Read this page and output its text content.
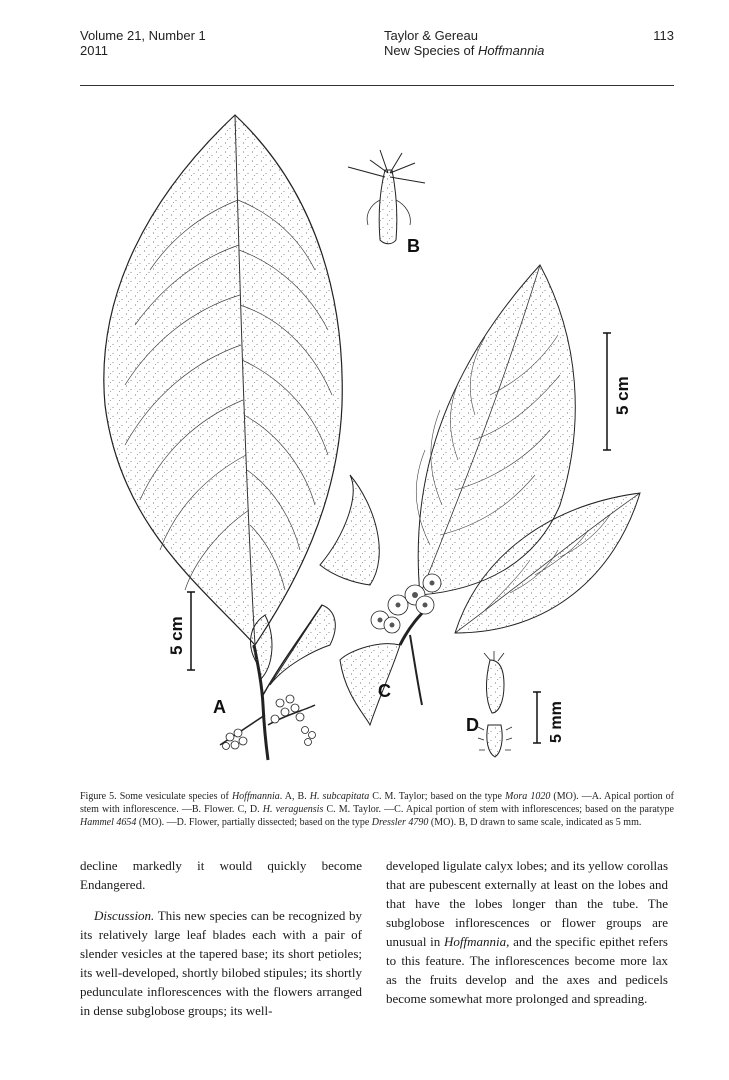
Volume 21, Number 1
2011
Taylor & Gereau
New Species of Hoffmannia
113
5 cm
5 cm
5 mm
A
B
C
D
Figure 5. Some vesiculate species of Hoffmannia. A, B. H. subcapitata C. M. Taylor; based on the type Mora 1020 (MO). —A. Apical portion of stem with inflorescence. —B. Flower. C, D. H. veraguensis C. M. Taylor. —C. Apical portion of stem with inflorescences; based on the paratype Hammel 4654 (MO). —D. Flower, partially dissected; based on the type Dressler 4790 (MO). B, D drawn to same scale, indicated as 5 mm.

decline markedly it would quickly become Endangered.

Discussion. This new species can be recognized by its relatively large leaf blades each with a pair of slender vesicles at the tapered base; its short petioles; its well-developed, shortly bilobed stipules; its shortly pedunculate inflorescences with the flowers arranged in dense subglobose groups; its well-

developed ligulate calyx lobes; and its yellow corollas that are pubescent externally at least on the lobes and that have the lobes longer than the tube. The subglobose inflorescences or flower groups are unusual in Hoffmannia, and the specific epithet refers to this feature. The inflorescences become more lax as the fruits develop and the axes and pedicels become somewhat more prolonged and spreading.
